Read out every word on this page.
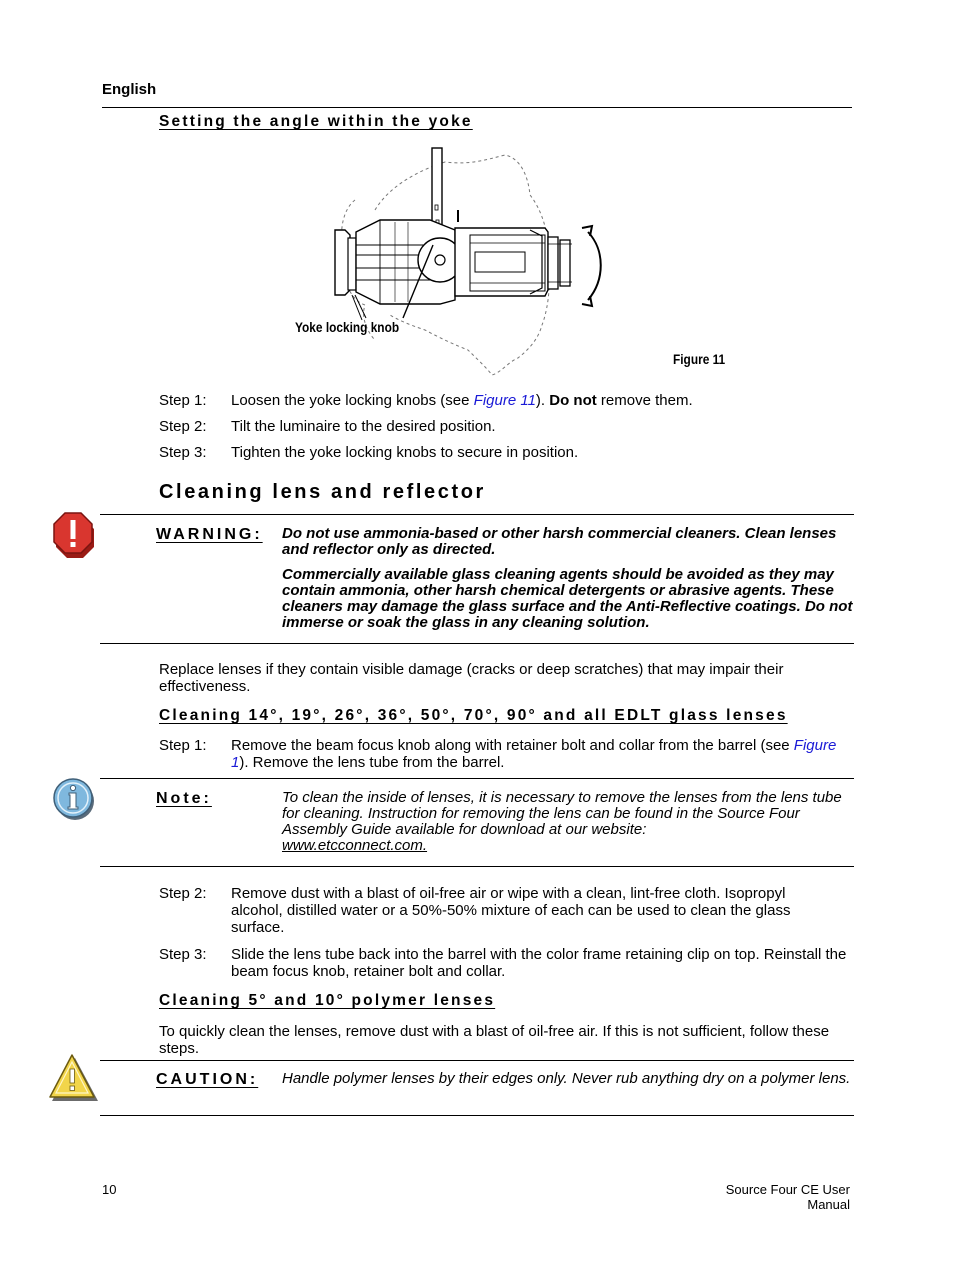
English
Setting the angle within the yoke
Yoke locking knob
Figure 11
Step 1: Loosen the yoke locking knobs (see Figure 11). Do not remove them.
Step 2: Tilt the luminaire to the desired position.
Step 3: Tighten the yoke locking knobs to secure in position.
Cleaning lens and reflector
WARNING: Do not use ammonia-based or other harsh commercial cleaners. Clean lenses and reflector only as directed.
Commercially available glass cleaning agents should be avoided as they may contain ammonia, other harsh chemical detergents or abrasive agents. These cleaners may damage the glass surface and the Anti-Reflective coatings. Do not immerse or soak the glass in any cleaning solution.
Replace lenses if they contain visible damage (cracks or deep scratches) that may impair their effectiveness.
Cleaning 14°, 19°, 26°, 36°, 50°, 70°, 90° and all EDLT glass lenses
Step 1: Remove the beam focus knob along with retainer bolt and collar from the barrel (see Figure 1). Remove the lens tube from the barrel.
Note:	To clean the inside of lenses, it is necessary to remove the lenses from the lens tube for cleaning. Instruction for removing the lens can be found in the Source Four Assembly Guide available for download at our website:
www.etcconnect.com.
Step 2: Remove dust with a blast of oil-free air or wipe with a clean, lint-free cloth. Isopropyl alcohol, distilled water or a 50%-50% mixture of each can be used to clean the glass surface.
Step 3: Slide the lens tube back into the barrel with the color frame retaining clip on top. Reinstall the beam focus knob, retainer bolt and collar.
Cleaning 5° and 10° polymer lenses
To quickly clean the lenses, remove dust with a blast of oil-free air. If this is not sufficient, follow these steps.
CAUTION: Handle polymer lenses by their edges only. Never rub anything dry on a polymer lens.
10	Source Four CE User Manual
